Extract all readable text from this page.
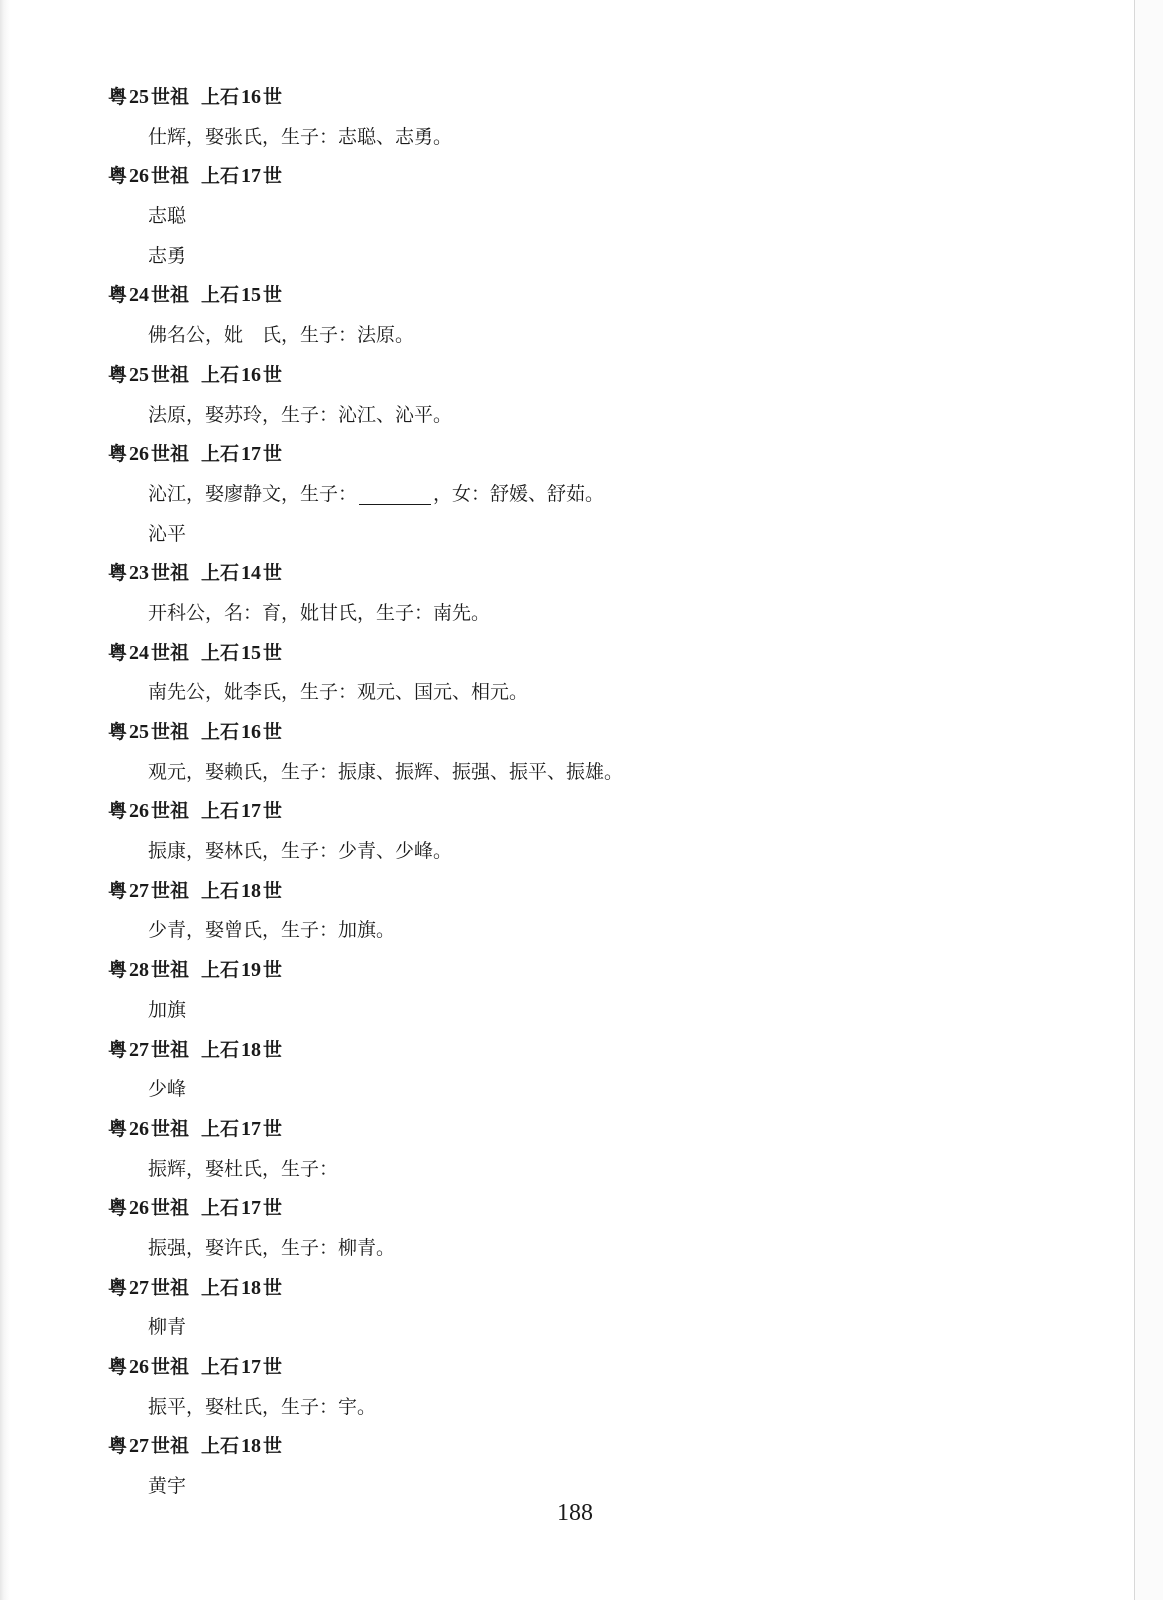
粤 25 世祖 上石 16 世
仕辉，娶张氏，生子：志聪、志勇。
粤 26 世祖 上石 17 世
志聪
志勇
粤 24 世祖 上石 15 世
佛名公，妣　氏，生子：法原。
粤 25 世祖 上石 16 世
法原，娶苏玲，生子：沁江、沁平。
粤 26 世祖 上石 17 世
沁江，娶廖静文，生子：	，女：舒媛、舒茹。
沁平
粤 23 世祖 上石 14 世
开科公，名：育，妣甘氏，生子：南先。
粤 24 世祖 上石 15 世
南先公，妣李氏，生子：观元、国元、相元。
粤 25 世祖 上石 16 世
观元，娶赖氏，生子：振康、振辉、振强、振平、振雄。
粤 26 世祖 上石 17 世
振康，娶林氏，生子：少青、少峰。
粤 27 世祖 上石 18 世
少青，娶曾氏，生子：加旗。
粤 28 世祖 上石 19 世
加旗
粤 27 世祖 上石 18 世
少峰
粤 26 世祖 上石 17 世
振辉，娶杜氏，生子：
粤 26 世祖 上石 17 世
振强，娶许氏，生子：柳青。
粤 27 世祖 上石 18 世
柳青
粤 26 世祖 上石 17 世
振平，娶杜氏，生子：宇。
粤 27 世祖 上石 18 世
黄宇
188
